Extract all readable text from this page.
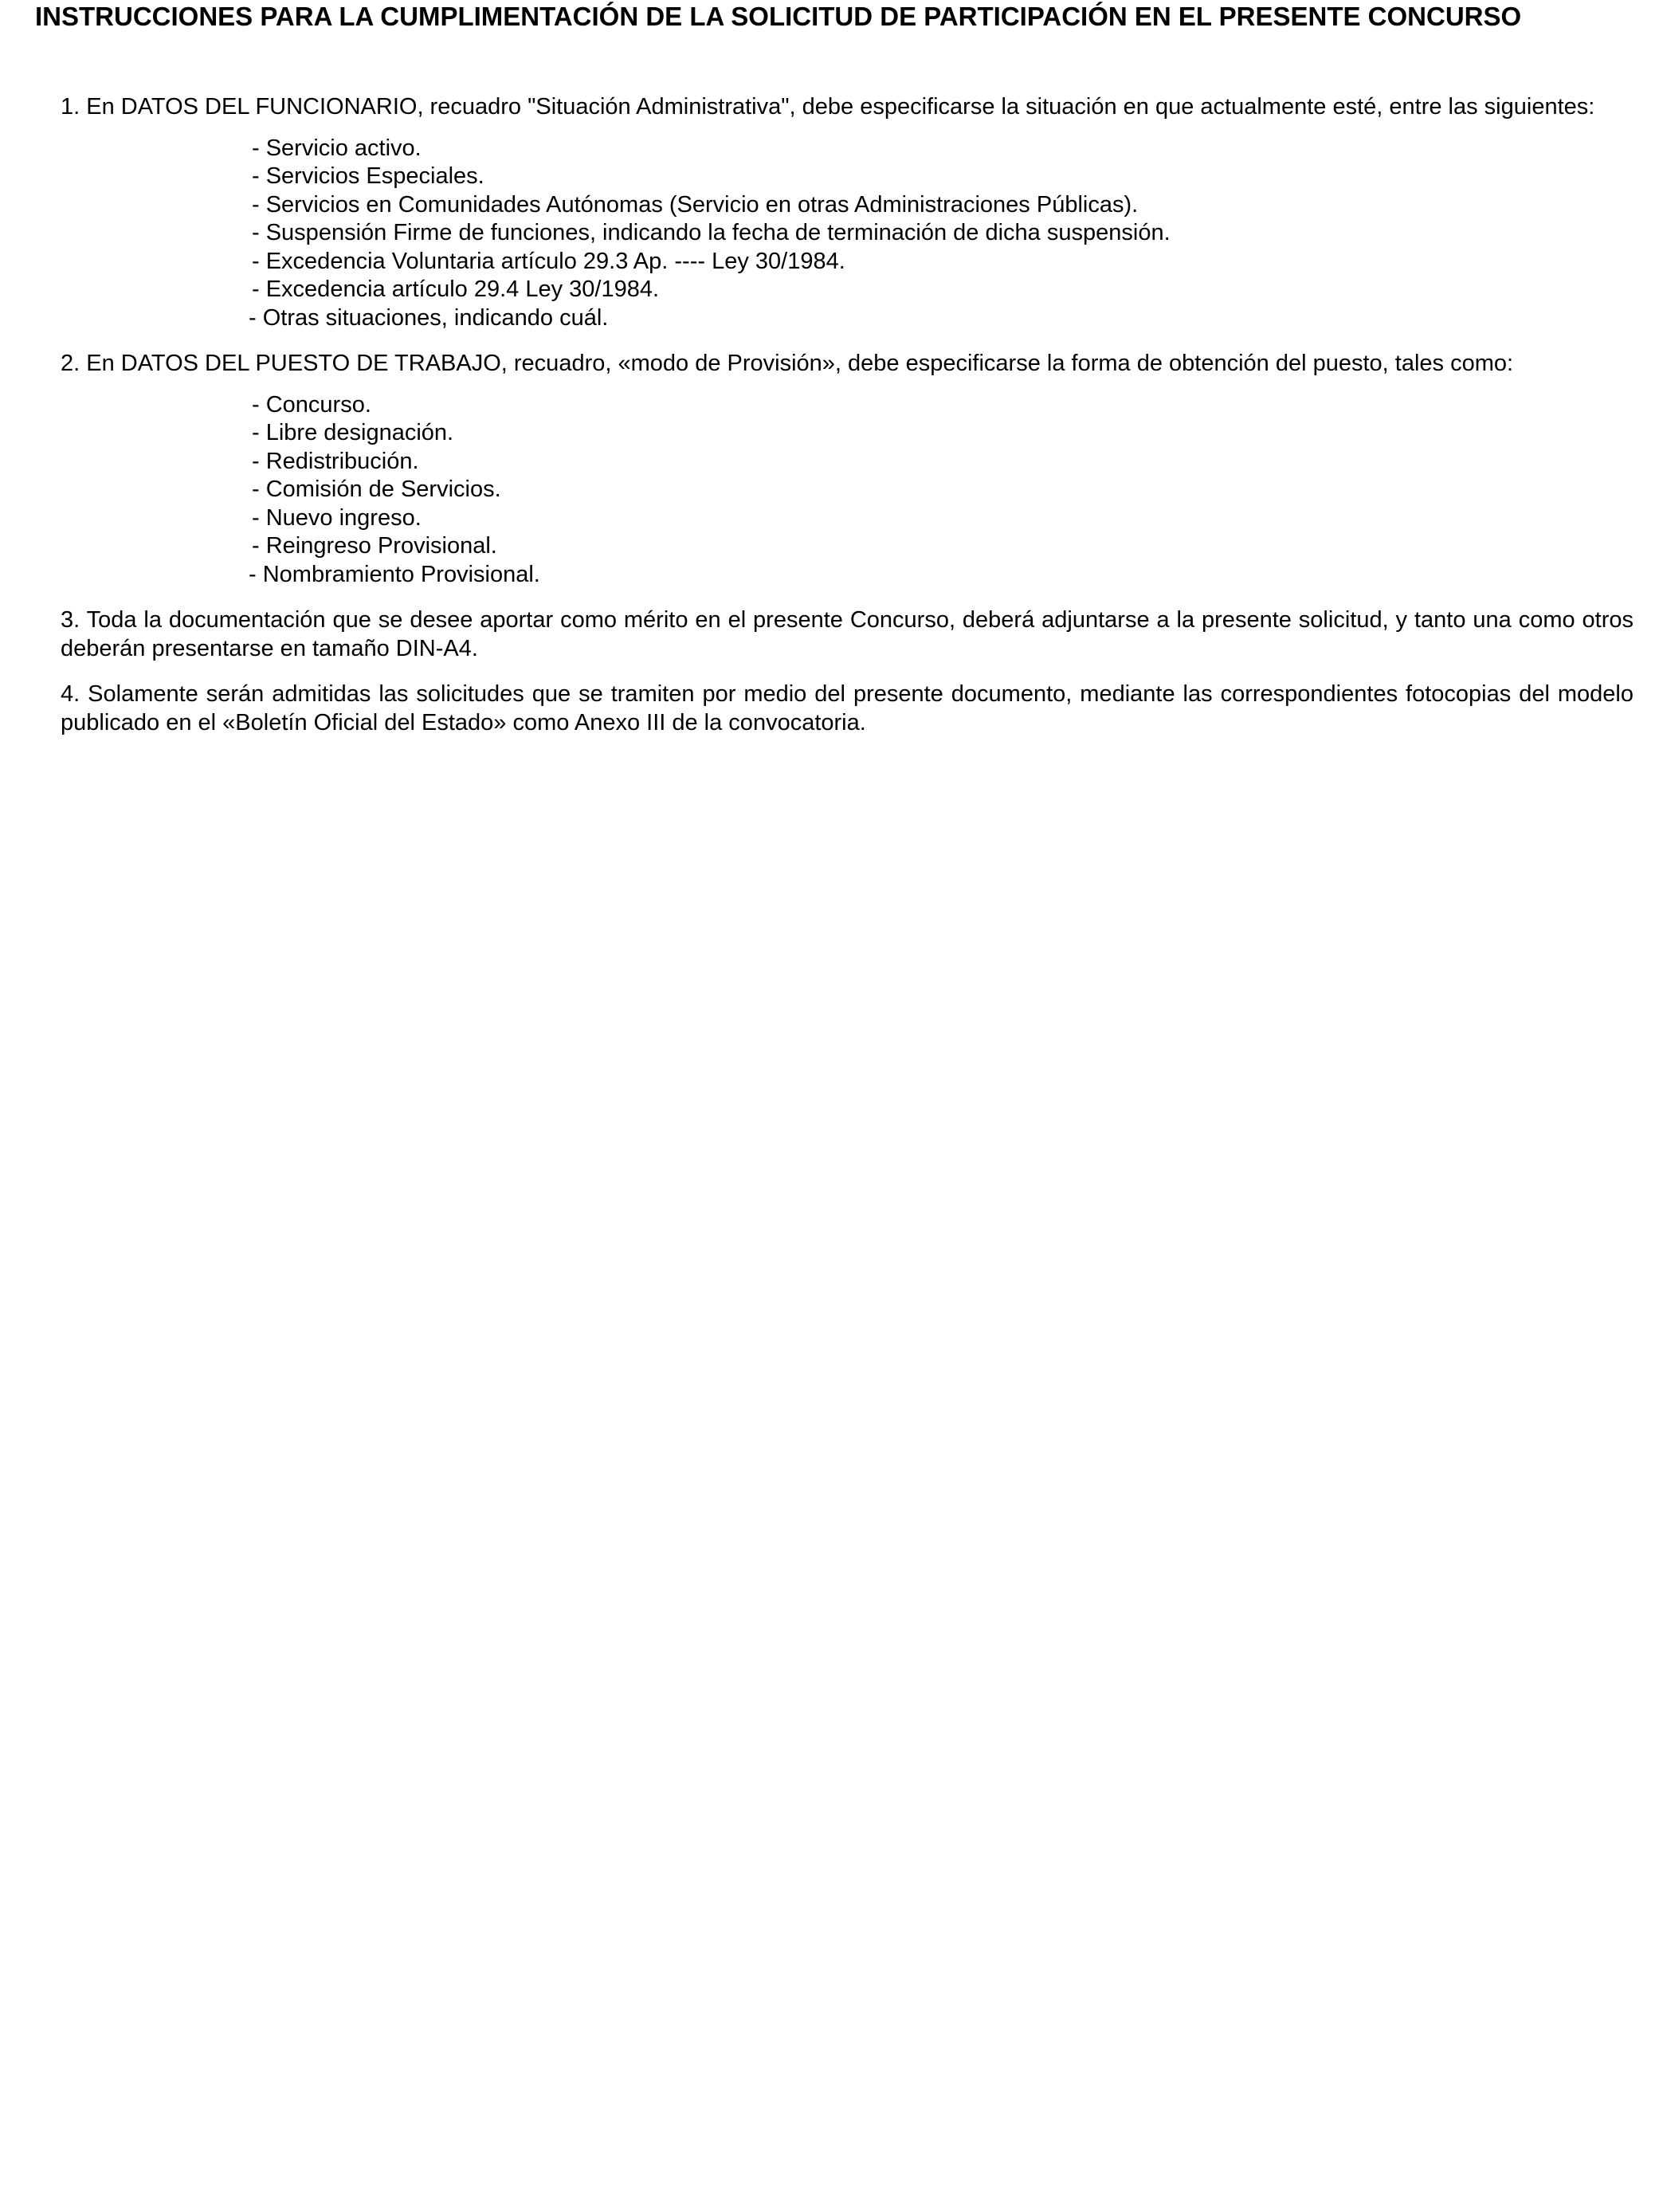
INSTRUCCIONES PARA LA CUMPLIMENTACIÓN DE LA SOLICITUD DE PARTICIPACIÓN EN EL PRESENTE CONCURSO

1. En DATOS DEL FUNCIONARIO, recuadro "Situación Administrativa", debe especificarse la situación en que actualmente esté, entre las siguientes:

- Servicio activo.
- Servicios Especiales.
- Servicios en Comunidades Autónomas (Servicio en otras Administraciones Públicas).
- Suspensión Firme de funciones, indicando la fecha de terminación de dicha suspensión.
- Excedencia Voluntaria artículo 29.3 Ap. ---- Ley 30/1984.
- Excedencia artículo 29.4 Ley 30/1984.
- Otras situaciones, indicando cuál.

2. En DATOS DEL PUESTO DE TRABAJO, recuadro, «modo de Provisión», debe especificarse la forma de obtención del puesto, tales como:

- Concurso.
- Libre designación.
- Redistribución.
- Comisión de Servicios.
- Nuevo ingreso.
- Reingreso Provisional.
- Nombramiento Provisional.

3. Toda la documentación que se desee aportar como mérito en el presente Concurso, deberá adjuntarse a la presente solicitud, y tanto una como otros deberán presentarse en tamaño DIN-A4.

4. Solamente serán admitidas las solicitudes que se tramiten por medio del presente documento, mediante las correspondientes fotocopias del modelo publicado en el «Boletín Oficial del Estado» como Anexo III de la convocatoria.
